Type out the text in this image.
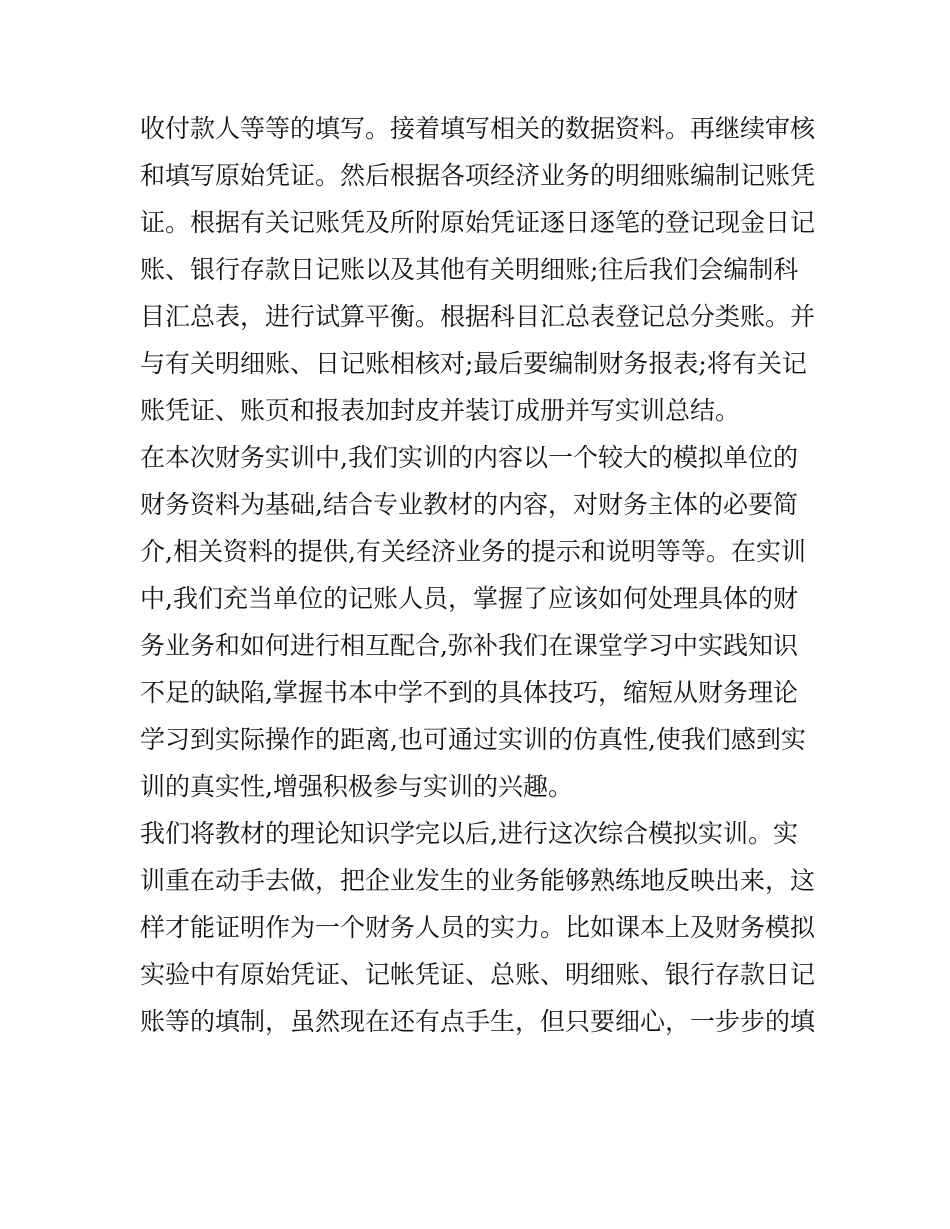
收付款人等等的填写。接着填写相关的数据资料。再继续审核
和填写原始凭证。然后根据各项经济业务的明细账编制记账凭
证。根据有关记账凭及所附原始凭证逐日逐笔的登记现金日记
账、银行存款日记账以及其他有关明细账;往后我们会编制科
目汇总表，进行试算平衡。根据科目汇总表登记总分类账。并
与有关明细账、日记账相核对;最后要编制财务报表;将有关记
账凭证、账页和报表加封皮并装订成册并写实训总结。
在本次财务实训中,我们实训的内容以一个较大的模拟单位的
财务资料为基础,结合专业教材的内容，对财务主体的必要简
介,相关资料的提供,有关经济业务的提示和说明等等。在实训
中,我们充当单位的记账人员，掌握了应该如何处理具体的财
务业务和如何进行相互配合,弥补我们在课堂学习中实践知识
不足的缺陷,掌握书本中学不到的具体技巧，缩短从财务理论
学习到实际操作的距离,也可通过实训的仿真性,使我们感到实
训的真实性,增强积极参与实训的兴趣。
我们将教材的理论知识学完以后,进行这次综合模拟实训。实
训重在动手去做，把企业发生的业务能够熟练地反映出来，这
样才能证明作为一个财务人员的实力。比如课本上及财务模拟
实验中有原始凭证、记帐凭证、总账、明细账、银行存款日记
账等的填制，虽然现在还有点手生，但只要细心，一步步的填
